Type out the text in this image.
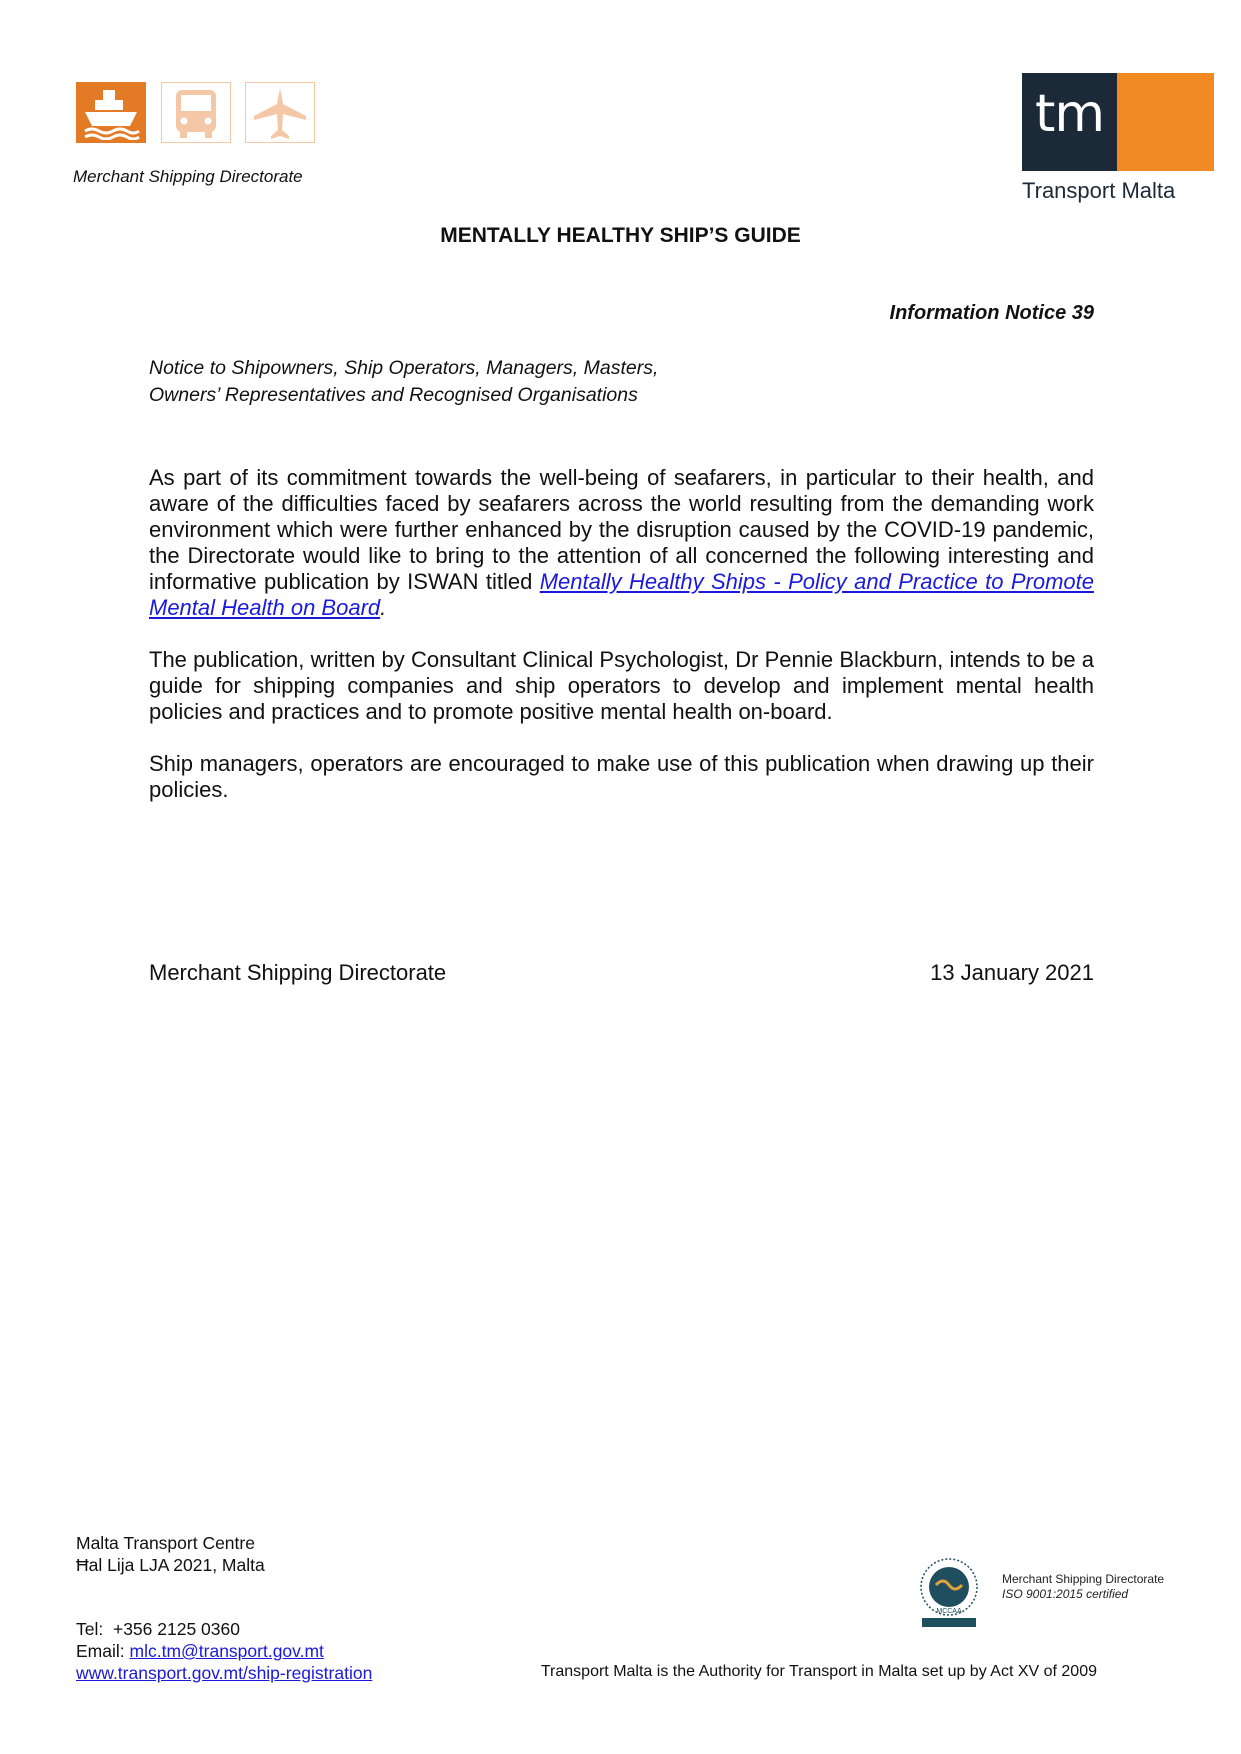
Merchant Shipping Directorate
tm
Transport Malta
MENTALLY HEALTHY SHIP’S GUIDE
Information Notice 39
Notice to Shipowners, Ship Operators, Managers, Masters,
Owners’ Representatives and Recognised Organisations

As part of its commitment towards the well-being of seafarers, in particular to their health, and aware of the difficulties faced by seafarers across the world resulting from the demanding work environment which were further enhanced by the disruption caused by the COVID-19 pandemic, the Directorate would like to bring to the attention of all concerned the following interesting and informative publication by ISWAN titled Mentally Healthy Ships - Policy and Practice to Promote Mental Health on Board.

The publication, written by Consultant Clinical Psychologist, Dr Pennie Blackburn, intends to be a guide for shipping companies and ship operators to develop and implement mental health policies and practices and to promote positive mental health on-board.

Ship managers, operators are encouraged to make use of this publication when drawing up their policies.

Merchant Shipping Directorate	13 January 2021
Malta Transport Centre
Ħal Lija LJA 2021, Malta
Tel: +356 2125 0360
Email: mlc.tm@transport.gov.mt
www.transport.gov.mt/ship-registration
MCCAA
Merchant Shipping Directorate
ISO 9001:2015 certified
Transport Malta is the Authority for Transport in Malta set up by Act XV of 2009
